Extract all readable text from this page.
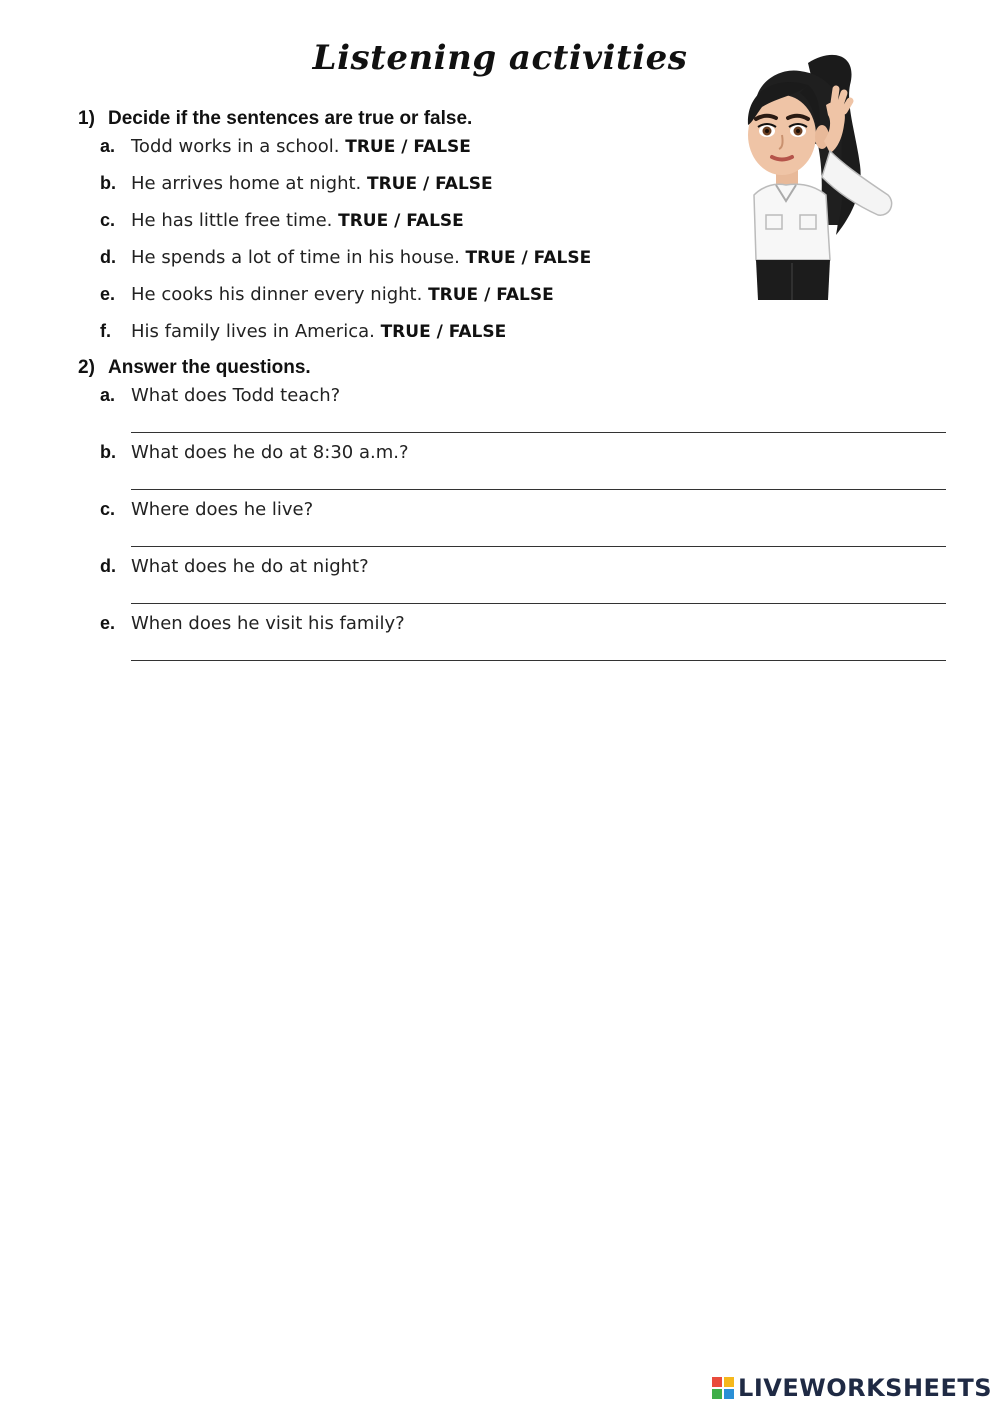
Listening activities
1) Decide if the sentences are true or false.
a. Todd works in a school. TRUE / FALSE
b. He arrives home at night. TRUE / FALSE
c. He has little free time. TRUE / FALSE
d. He spends a lot of time in his house. TRUE / FALSE
e. He cooks his dinner every night. TRUE / FALSE
f. His family lives in America. TRUE / FALSE
2) Answer the questions.
a. What does Todd teach?
b. What does he do at 8:30 a.m.?
c. Where does he live?
d. What does he do at night?
e. When does he visit his family?
LIVEWORKSHEETS
